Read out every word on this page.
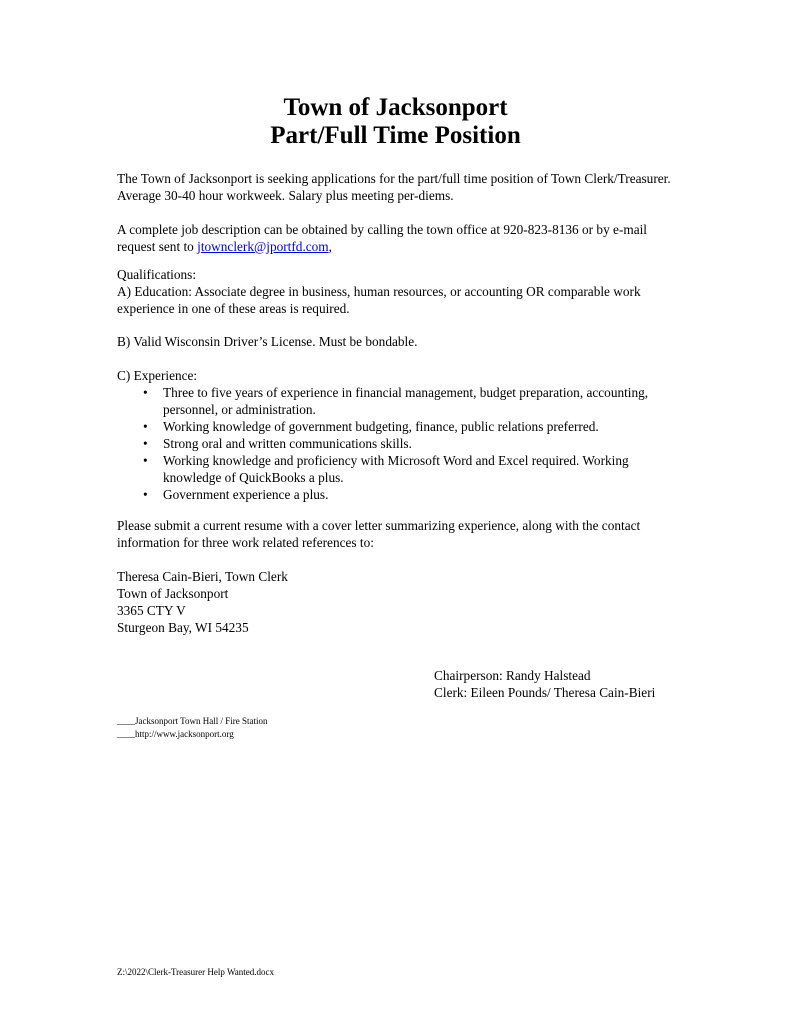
Town of Jacksonport
Part/Full Time Position
The Town of Jacksonport is seeking applications for the part/full time position of Town Clerk/Treasurer. Average 30-40 hour workweek. Salary plus meeting per-diems.
A complete job description can be obtained by calling the town office at 920-823-8136 or by e-mail request sent to jtownclerk@jportfd.com,
Qualifications:
A) Education: Associate degree in business, human resources, or accounting OR comparable work experience in one of these areas is required.
B) Valid Wisconsin Driver’s License. Must be bondable.
C) Experience:
• Three to five years of experience in financial management, budget preparation, accounting, personnel, or administration.
• Working knowledge of government budgeting, finance, public relations preferred.
• Strong oral and written communications skills.
• Working knowledge and proficiency with Microsoft Word and Excel required. Working knowledge of QuickBooks a plus.
• Government experience a plus.
Please submit a current resume with a cover letter summarizing experience, along with the contact information for three work related references to:
Theresa Cain-Bieri, Town Clerk
Town of Jacksonport
3365 CTY V
Sturgeon Bay, WI 54235
Chairperson: Randy Halstead
Clerk: Eileen Pounds/ Theresa Cain-Bieri
____Jacksonport Town Hall / Fire Station
____http://www.jacksonport.org
Z:\2022\Clerk-Treasurer Help Wanted.docx
